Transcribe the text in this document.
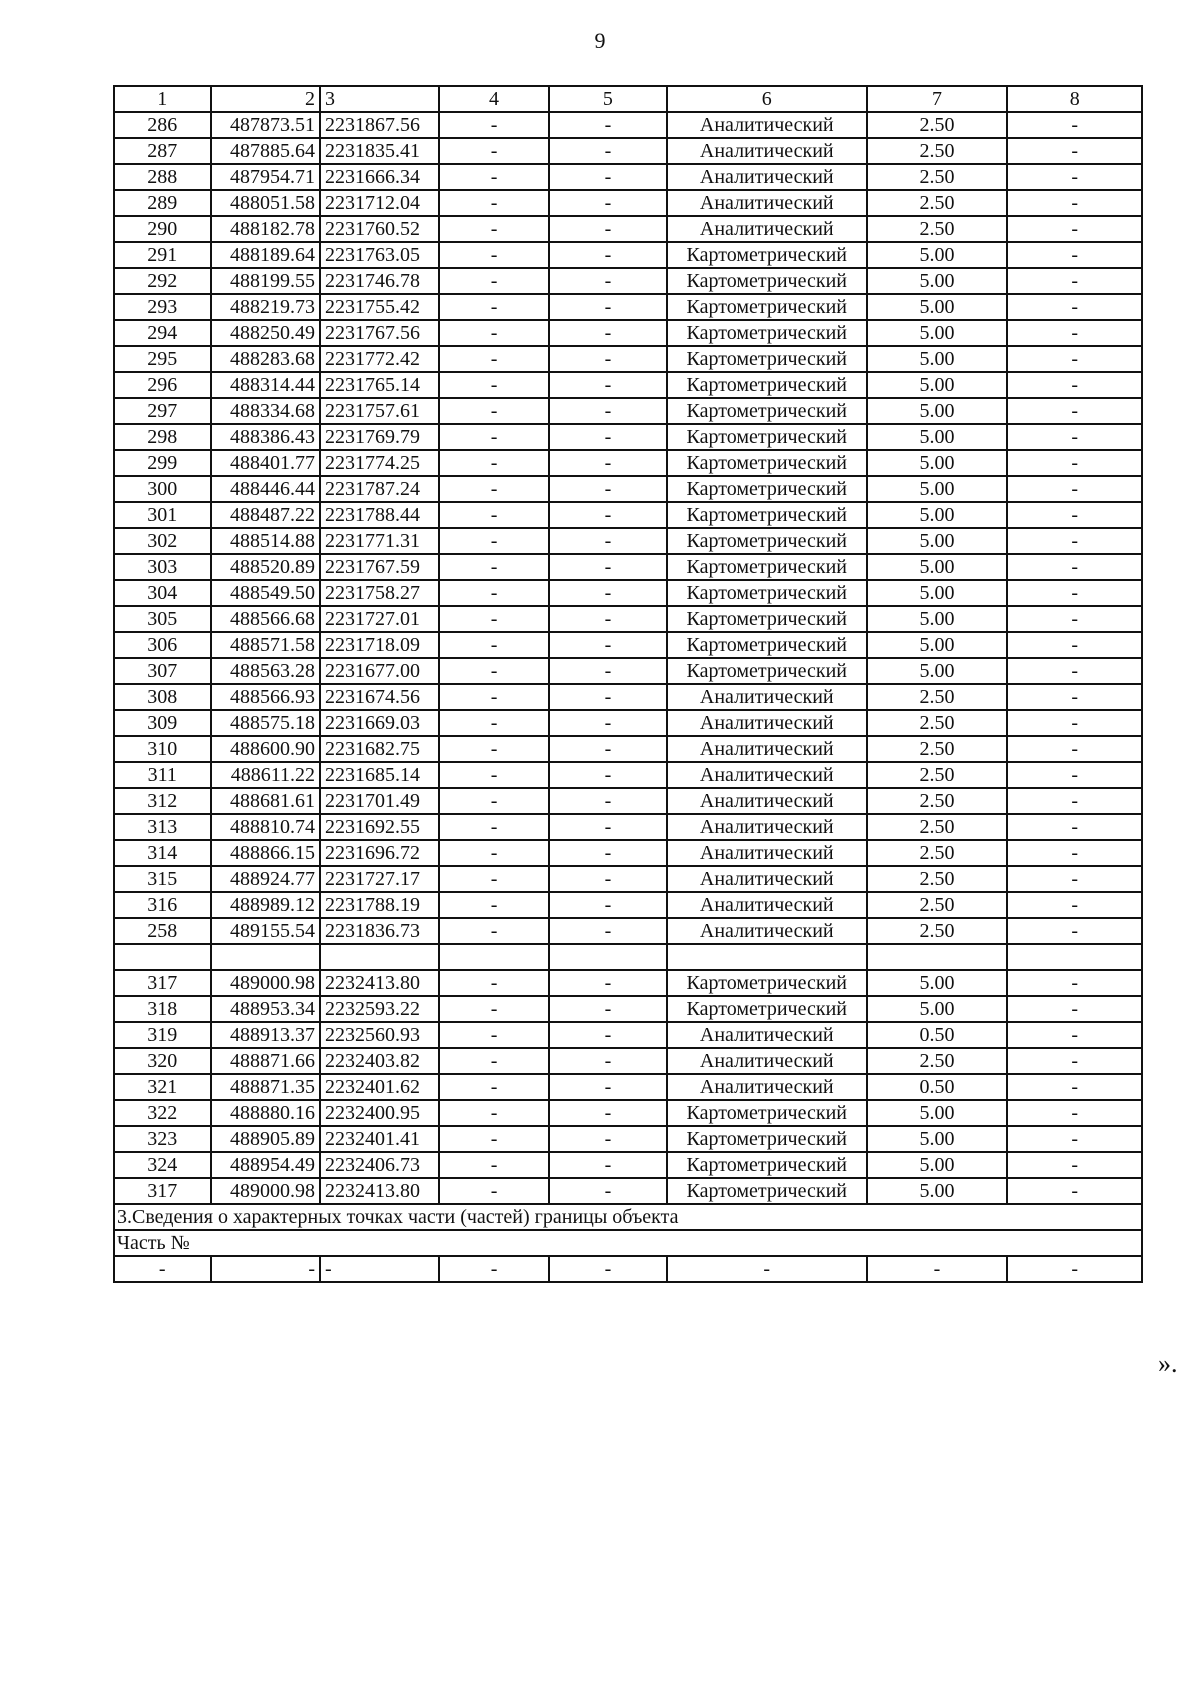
9
1	2	3	4	5	6	7	8
286	487873.51	2231867.56	-	-	Аналитический	2.50	-
287	487885.64	2231835.41	-	-	Аналитический	2.50	-
288	487954.71	2231666.34	-	-	Аналитический	2.50	-
289	488051.58	2231712.04	-	-	Аналитический	2.50	-
290	488182.78	2231760.52	-	-	Аналитический	2.50	-
291	488189.64	2231763.05	-	-	Картометрический	5.00	-
292	488199.55	2231746.78	-	-	Картометрический	5.00	-
293	488219.73	2231755.42	-	-	Картометрический	5.00	-
294	488250.49	2231767.56	-	-	Картометрический	5.00	-
295	488283.68	2231772.42	-	-	Картометрический	5.00	-
296	488314.44	2231765.14	-	-	Картометрический	5.00	-
297	488334.68	2231757.61	-	-	Картометрический	5.00	-
298	488386.43	2231769.79	-	-	Картометрический	5.00	-
299	488401.77	2231774.25	-	-	Картометрический	5.00	-
300	488446.44	2231787.24	-	-	Картометрический	5.00	-
301	488487.22	2231788.44	-	-	Картометрический	5.00	-
302	488514.88	2231771.31	-	-	Картометрический	5.00	-
303	488520.89	2231767.59	-	-	Картометрический	5.00	-
304	488549.50	2231758.27	-	-	Картометрический	5.00	-
305	488566.68	2231727.01	-	-	Картометрический	5.00	-
306	488571.58	2231718.09	-	-	Картометрический	5.00	-
307	488563.28	2231677.00	-	-	Картометрический	5.00	-
308	488566.93	2231674.56	-	-	Аналитический	2.50	-
309	488575.18	2231669.03	-	-	Аналитический	2.50	-
310	488600.90	2231682.75	-	-	Аналитический	2.50	-
311	488611.22	2231685.14	-	-	Аналитический	2.50	-
312	488681.61	2231701.49	-	-	Аналитический	2.50	-
313	488810.74	2231692.55	-	-	Аналитический	2.50	-
314	488866.15	2231696.72	-	-	Аналитический	2.50	-
315	488924.77	2231727.17	-	-	Аналитический	2.50	-
316	488989.12	2231788.19	-	-	Аналитический	2.50	-
258	489155.54	2231836.73	-	-	Аналитический	2.50	-

317	489000.98	2232413.80	-	-	Картометрический	5.00	-
318	488953.34	2232593.22	-	-	Картометрический	5.00	-
319	488913.37	2232560.93	-	-	Аналитический	0.50	-
320	488871.66	2232403.82	-	-	Аналитический	2.50	-
321	488871.35	2232401.62	-	-	Аналитический	0.50	-
322	488880.16	2232400.95	-	-	Картометрический	5.00	-
323	488905.89	2232401.41	-	-	Картометрический	5.00	-
324	488954.49	2232406.73	-	-	Картометрический	5.00	-
317	489000.98	2232413.80	-	-	Картометрический	5.00	-
3.Сведения о характерных точках части (частей) границы объекта							
Часть №							
-	-	-	-	-	-	-	-
».
